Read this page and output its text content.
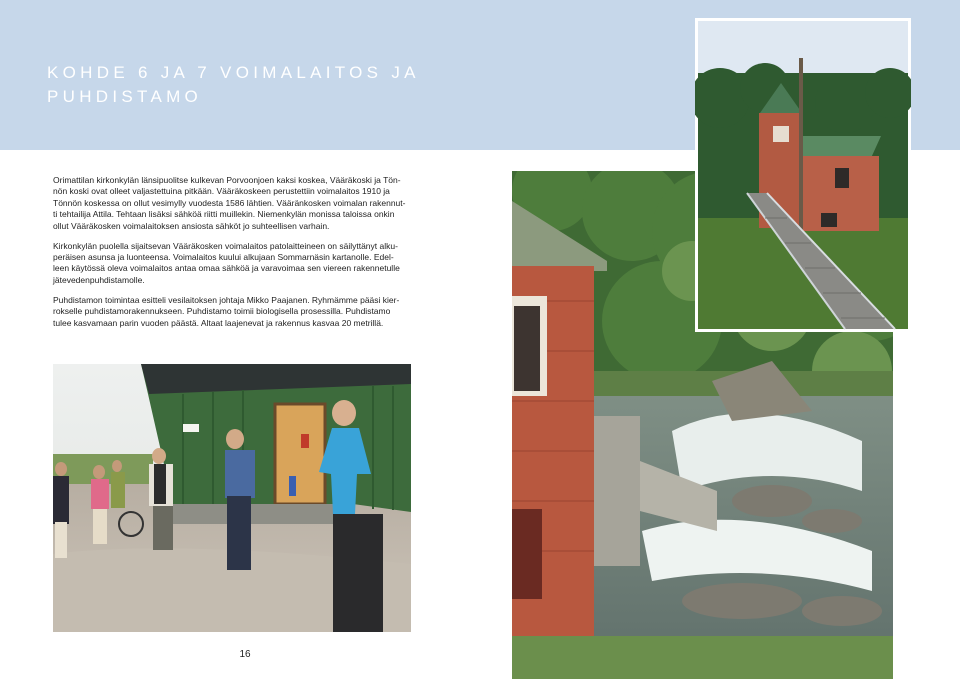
KOHDE 6 JA 7 VOIMALAITOS JA
PUHDISTAMO

Orimattilan kirkonkylän länsipuolitse kulkevan Porvoonjoen kaksi koskea, Vääräkoski ja Tön-
nön koski ovat olleet valjastettuina pitkään. Vääräkoskeen perustettiin voimalaitos 1910 ja
Tönnön koskessa on ollut vesimylly vuodesta 1586 lähtien. Vääränkosken voimalan rakennut-
ti tehtailija Attila. Tehtaan lisäksi sähköä riitti muillekin. Niemenkylän monissa taloissa onkin
ollut Vääräkosken voimalaitoksen ansiosta sähköt jo suhteellisen varhain.

Kirkonkylän puolella sijaitsevan Vääräkosken voimalaitos patolaitteineen on säilyttänyt alku-
peräisen asunsa ja luonteensa. Voimalaitos kuului alkujaan Sommarnäsin kartanolle. Edel-
leen käytössä oleva voimalaitos antaa omaa sähköä ja varavoimaa sen viereen rakennetulle
jätevedenpuhdistamolle.

Puhdistamon toimintaa esitteli vesilaitoksen johtaja Mikko Paajanen. Ryhmämme pääsi kier-
rokselle puhdistamorakennukseen. Puhdistamo toimii biologisella prosessilla. Puhdistamo
tulee kasvamaan parin vuoden päästä. Altaat laajenevat ja rakennus kasvaa 20 metrillä.

16
